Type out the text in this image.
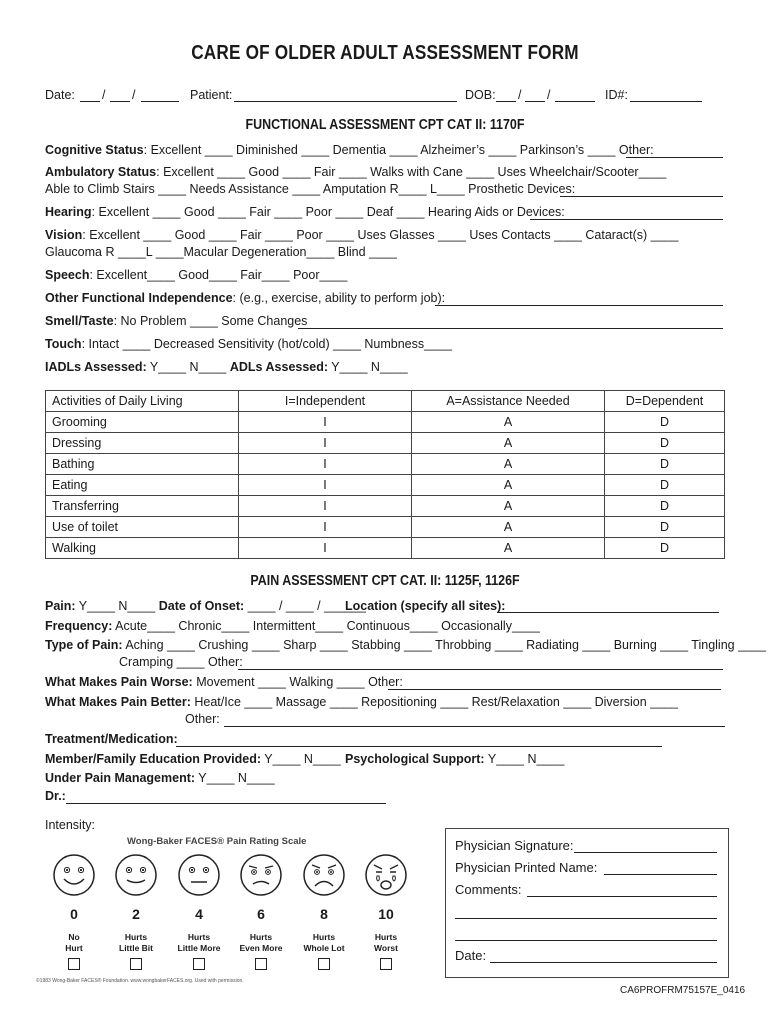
CARE OF OLDER ADULT ASSESSMENT FORM
Date: / /	Patient:	DOB: / /	ID#:
FUNCTIONAL ASSESSMENT CPT CAT II: 1170F
Cognitive Status: Excellent ____ Diminished ____ Dementia ____ Alzheimer’s ____ Parkinson’s ____ Other:
Ambulatory Status: Excellent ____ Good ____ Fair ____ Walks with Cane ____ Uses Wheelchair/Scooter____
Able to Climb Stairs ____ Needs Assistance ____ Amputation R____ L____ Prosthetic Devices:
Hearing: Excellent ____ Good ____ Fair ____ Poor ____ Deaf ____ Hearing Aids or Devices:
Vision: Excellent ____ Good ____ Fair ____ Poor ____ Uses Glasses ____ Uses Contacts ____ Cataract(s) ____
Glaucoma R ____L ____Macular Degeneration____ Blind ____
Speech: Excellent____ Good____ Fair____ Poor____
Other Functional Independence: (e.g., exercise, ability to perform job):
Smell/Taste: No Problem ____ Some Changes
Touch: Intact ____ Decreased Sensitivity (hot/cold) ____ Numbness____
IADLs Assessed: Y____ N____ ADLs Assessed: Y____ N____
Activities of Daily Living	I=Independent	A=Assistance Needed	D=Dependent
Grooming	I	A	D
Dressing	I	A	D
Bathing	I	A	D
Eating	I	A	D
Transferring	I	A	D
Use of toilet	I	A	D
Walking	I	A	D
PAIN ASSESSMENT CPT CAT. II: 1125F, 1126F
Pain: Y____ N____ Date of Onset: ____ / ____ / ______
Location (specify all sites):
Frequency: Acute____ Chronic____ Intermittent____ Continuous____ Occasionally____
Type of Pain: Aching ____ Crushing ____ Sharp ____ Stabbing ____ Throbbing ____ Radiating ____ Burning ____ Tingling ____
Cramping ____ Other:
What Makes Pain Worse: Movement ____ Walking ____ Other:
What Makes Pain Better: Heat/Ice ____ Massage ____ Repositioning ____ Rest/Relaxation ____ Diversion ____
Other:
Treatment/Medication:
Member/Family Education Provided: Y____ N____ Psychological Support: Y____ N____
Under Pain Management: Y____ N____
Dr.:
Intensity:
Wong-Baker FACES® Pain Rating Scale
0	2	4	6	8	10
No
Hurt
Hurts
Little Bit
Hurts
Little More
Hurts
Even More
Hurts
Whole Lot
Hurts
Worst
©1983 Wong-Baker FACES® Foundation. www.wongbakerFACES.org. Used with permission.
Physician Signature:
Physician Printed Name:
Comments:
Date:
CA6PROFRM75157E_0416
